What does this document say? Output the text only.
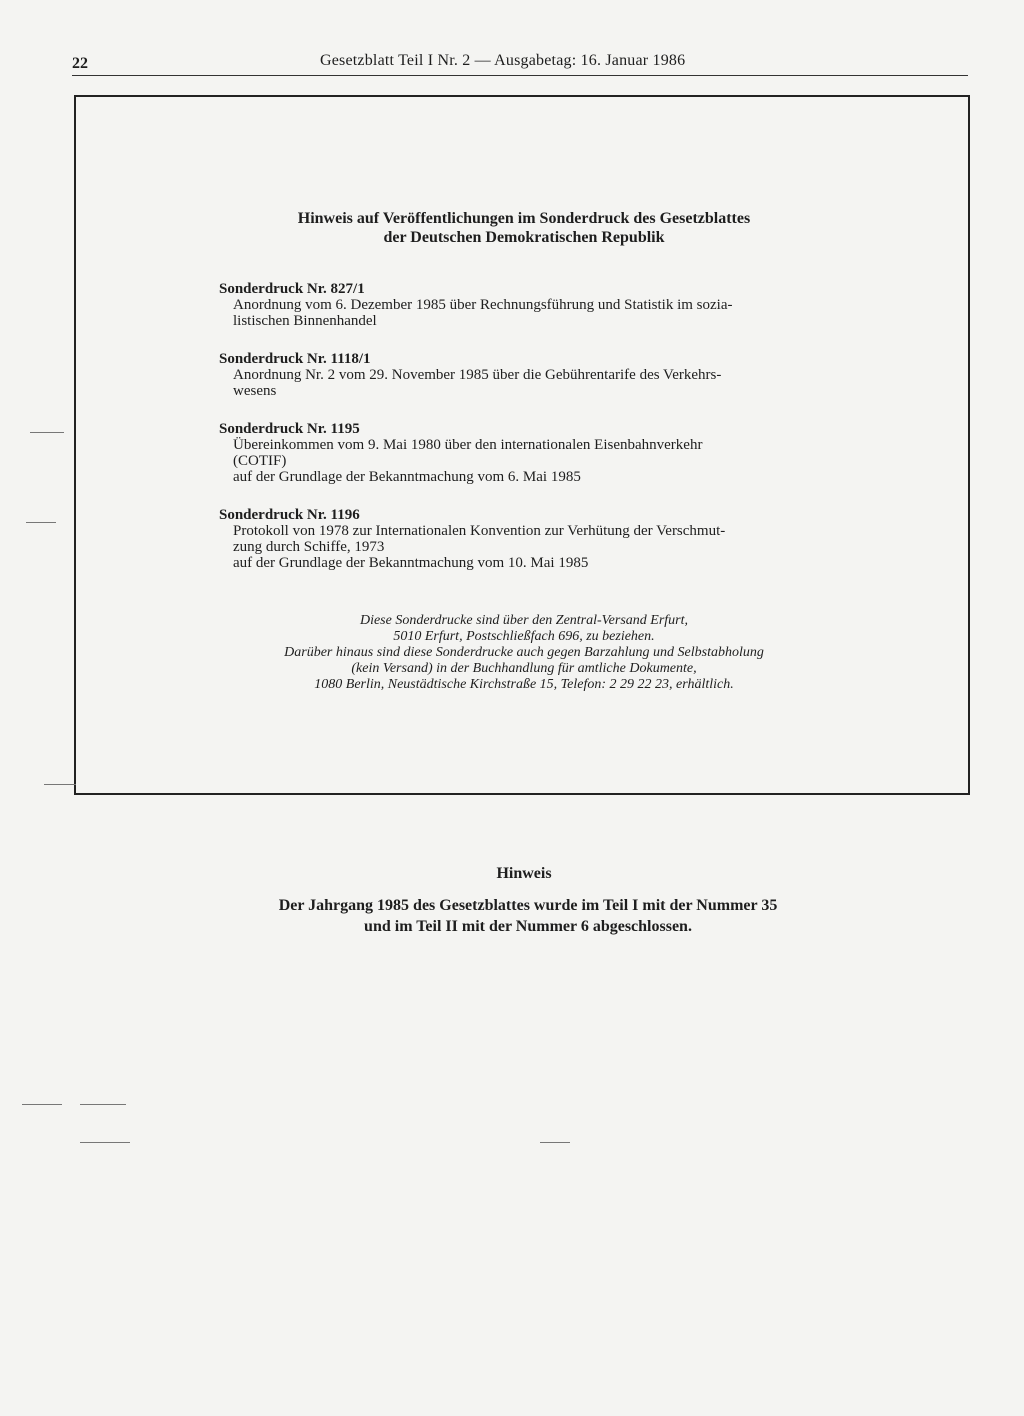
22	Gesetzblatt Teil I Nr. 2 — Ausgabetag: 16. Januar 1986
Hinweis auf Veröffentlichungen im Sonderdruck des Gesetzblattes
der Deutschen Demokratischen Republik
Sonderdruck Nr. 827/1
Anordnung vom 6. Dezember 1985 über Rechnungsführung und Statistik im sozia-
listischen Binnenhandel
Sonderdruck Nr. 1118/1
Anordnung Nr. 2 vom 29. November 1985 über die Gebührentarife des Verkehrs-
wesens
Sonderdruck Nr. 1195
Übereinkommen vom 9. Mai 1980 über den internationalen Eisenbahnverkehr
(COTIF)
auf der Grundlage der Bekanntmachung vom 6. Mai 1985
Sonderdruck Nr. 1196
Protokoll von 1978 zur Internationalen Konvention zur Verhütung der Verschmut-
zung durch Schiffe, 1973
auf der Grundlage der Bekanntmachung vom 10. Mai 1985
Diese Sonderdrucke sind über den Zentral-Versand Erfurt,
5010 Erfurt, Postschließfach 696, zu beziehen.
Darüber hinaus sind diese Sonderdrucke auch gegen Barzahlung und Selbstabholung
(kein Versand) in der Buchhandlung für amtliche Dokumente,
1080 Berlin, Neustädtische Kirchstraße 15, Telefon: 2 29 22 23, erhältlich.
Hinweis
Der Jahrgang 1985 des Gesetzblattes wurde im Teil I mit der Nummer 35
und im Teil II mit der Nummer 6 abgeschlossen.
